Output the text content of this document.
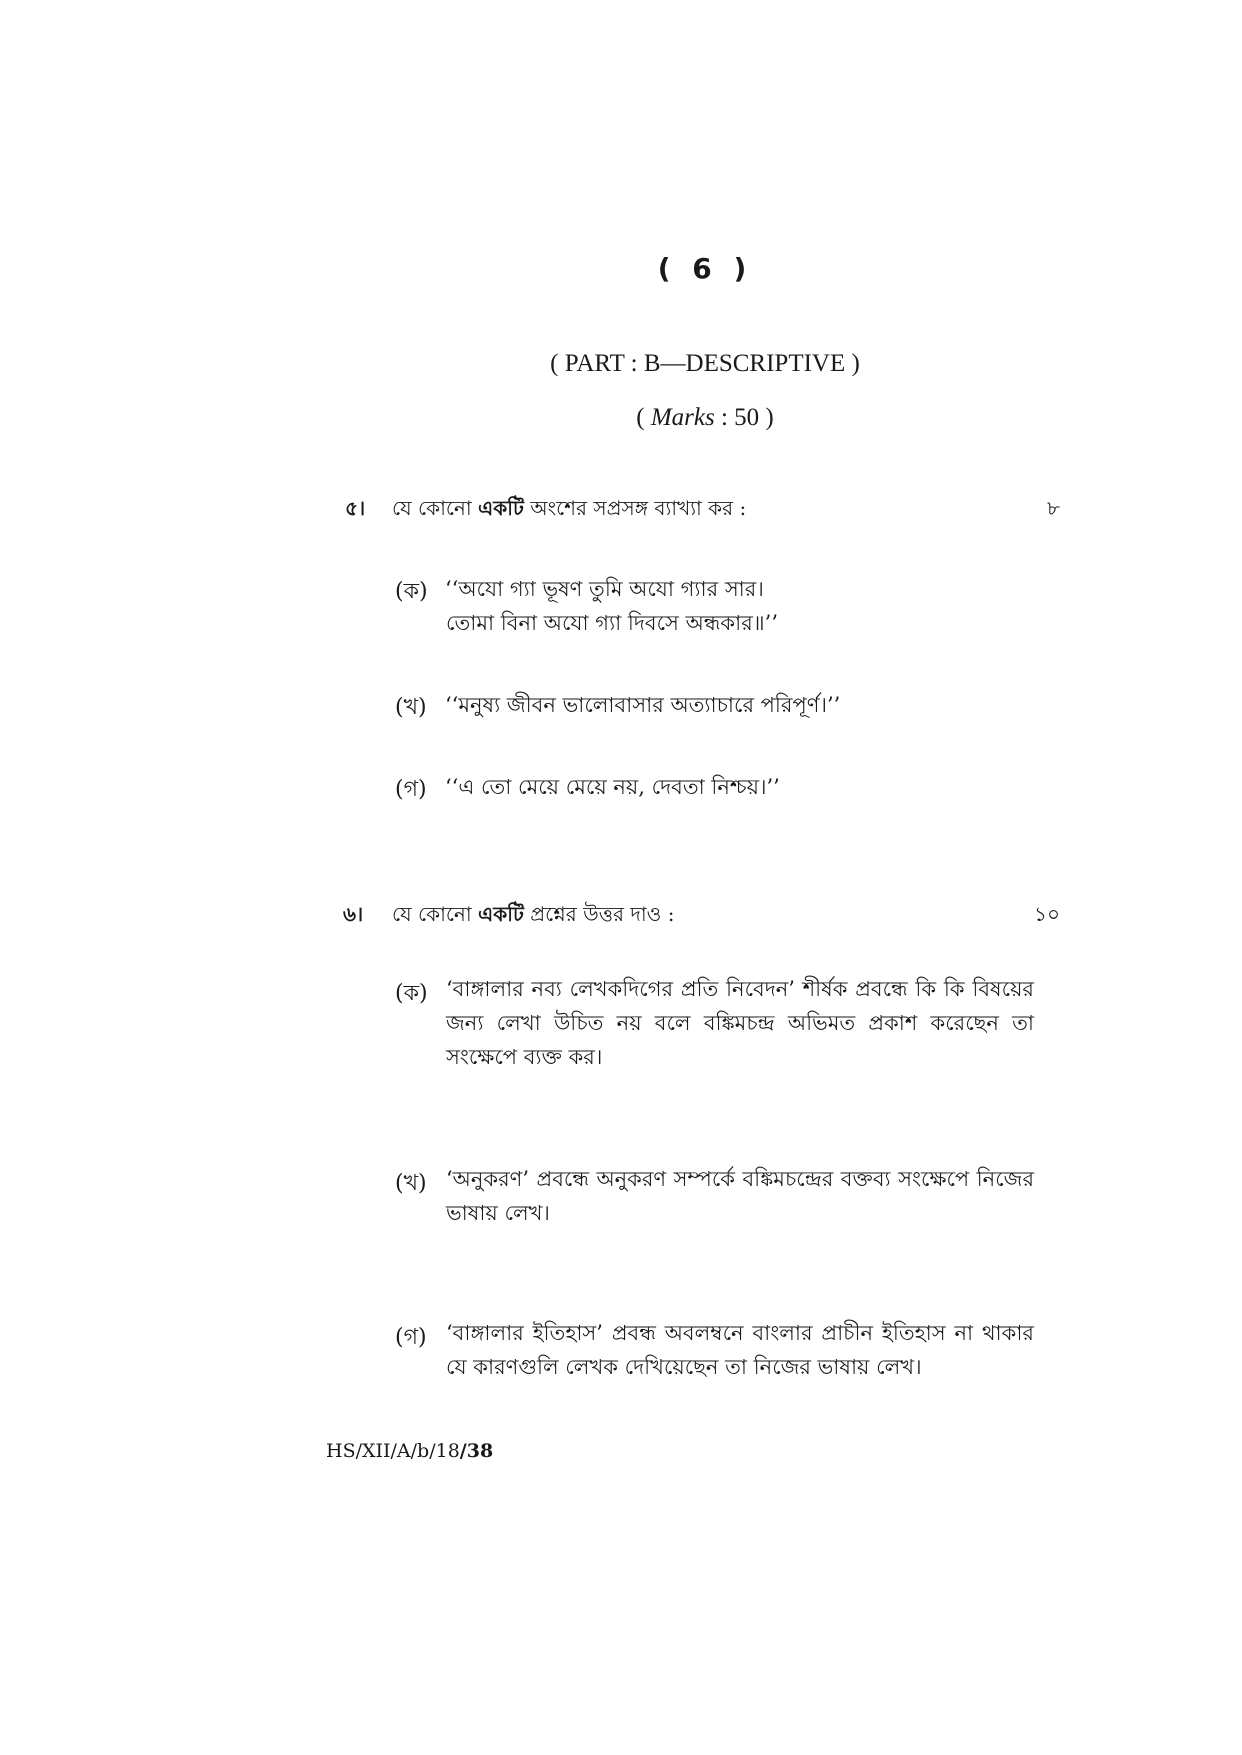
( 6 )
( PART : B—DESCRIPTIVE )
( Marks : 50 )
৫। যে কোনো একটি অংশের সপ্রসঙ্গ ব্যাখ্যা কর :	৮
(ক) ‘‘অযো গ্যা ভূষণ তুমি অযো গ্যার সার।
তোমা বিনা অযো গ্যা দিবসে অন্ধকার॥’’
(খ) ‘‘মনুষ্য জীবন ভালোবাসার অত্যাচারে পরিপূর্ণ।’’
(গ) ‘‘এ তো মেয়ে মেয়ে নয়, দেবতা নিশ্চয়।’’
৬। যে কোনো একটি প্রশ্নের উত্তর দাও :	১০
(ক) ‘বাঙ্গালার নব্য লেখকদিগের প্রতি নিবেদন’ শীর্ষক প্রবন্ধে কি কি বিষয়ের জন্য লেখা উচিত নয় বলে বঙ্কিমচন্দ্র অভিমত প্রকাশ করেছেন তা সংক্ষেপে ব্যক্ত কর।
(খ) ‘অনুকরণ’ প্রবন্ধে অনুকরণ সম্পর্কে বঙ্কিমচন্দ্রের বক্তব্য সংক্ষেপে নিজের ভাষায় লেখ।
(গ) ‘বাঙ্গালার ইতিহাস’ প্রবন্ধ অবলম্বনে বাংলার প্রাচীন ইতিহাস না থাকার যে কারণগুলি লেখক দেখিয়েছেন তা নিজের ভাষায় লেখ।
HS/XII/A/b/18/38
